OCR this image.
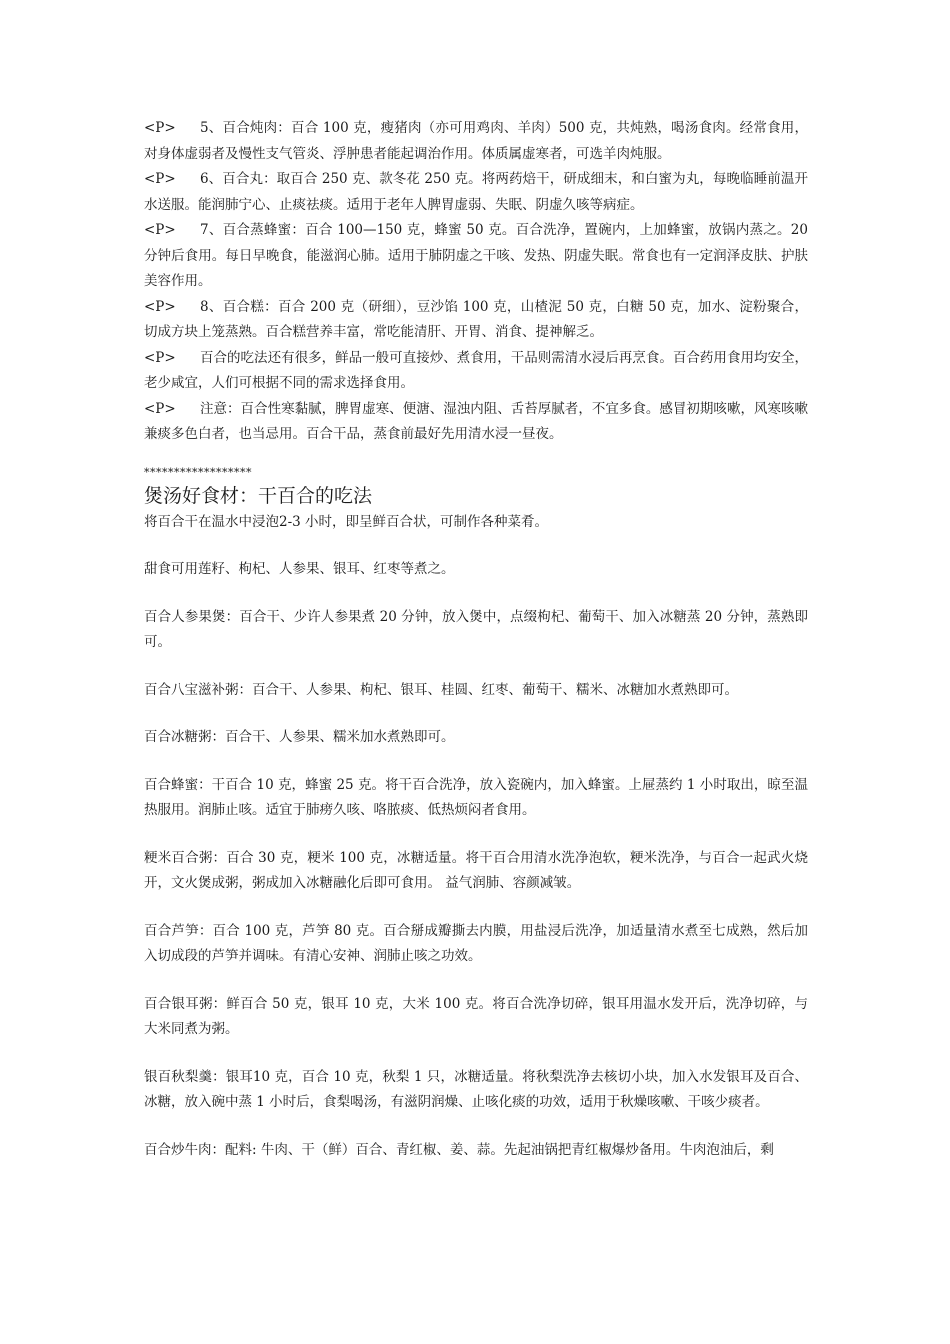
<P> 5、百合炖肉：百合 100 克，瘦猪肉（亦可用鸡肉、羊肉）500 克，共炖熟，喝汤食肉。经常食用，对身体虚弱者及慢性支气管炎、浮肿患者能起调治作用。体质属虚寒者，可选羊肉炖服。
<P> 6、百合丸：取百合 250 克、款冬花 250 克。将两药焙干，研成细末，和白蜜为丸，每晚临睡前温开水送服。能润肺宁心、止痰祛痰。适用于老年人脾胃虚弱、失眠、阴虚久咳等病症。
<P> 7、百合蒸蜂蜜：百合 100—150 克，蜂蜜 50 克。百合洗净，置碗内，上加蜂蜜，放锅内蒸之。20 分钟后食用。每日早晚食，能滋润心肺。适用于肺阴虚之干咳、发热、阴虚失眠。常食也有一定润泽皮肤、护肤美容作用。
<P> 8、百合糕：百合 200 克（研细），豆沙馅 100 克，山楂泥 50 克，白糖 50 克，加水、淀粉聚合，切成方块上笼蒸熟。百合糕营养丰富，常吃能清肝、开胃、消食、提神解乏。
<P> 百合的吃法还有很多，鲜品一般可直接炒、煮食用，干品则需清水浸后再烹食。百合药用食用均安全，老少咸宜，人们可根据不同的需求选择食用。
<P> 注意：百合性寒黏腻，脾胃虚寒、便溏、湿浊内阻、舌苔厚腻者，不宜多食。感冒初期咳嗽，风寒咳嗽兼痰多色白者，也当忌用。百合干品，蒸食前最好先用清水浸一昼夜。
******************
煲汤好食材：干百合的吃法

将百合干在温水中浸泡2-3 小时，即呈鲜百合状，可制作各种菜肴。

甜食可用莲籽、枸杞、人参果、银耳、红枣等煮之。

百合人参果煲：百合干、少许人参果煮 20 分钟，放入煲中，点缀枸杞、葡萄干、加入冰糖蒸 20 分钟，蒸熟即可。

百合八宝滋补粥：百合干、人参果、枸杞、银耳、桂圆、红枣、葡萄干、糯米、冰糖加水煮熟即可。

百合冰糖粥：百合干、人参果、糯米加水煮熟即可。

百合蜂蜜：干百合 10 克，蜂蜜 25 克。将干百合洗净，放入瓷碗内，加入蜂蜜。上屉蒸约 1 小时取出，晾至温热服用。润肺止咳。适宜于肺痨久咳、咯脓痰、低热烦闷者食用。

粳米百合粥：百合 30 克，粳米 100 克，冰糖适量。将干百合用清水洗净泡软，粳米洗净，与百合一起武火烧开，文火煲成粥，粥成加入冰糖融化后即可食用。 益气润肺、容颜减皱。

百合芦笋：百合 100 克，芦笋 80 克。百合掰成瓣撕去内膜，用盐浸后洗净，加适量清水煮至七成熟，然后加入切成段的芦笋并调味。有清心安神、润肺止咳之功效。

百合银耳粥：鲜百合 50 克，银耳 10 克，大米 100 克。将百合洗净切碎，银耳用温水发开后，洗净切碎，与大米同煮为粥。

银百秋梨羹：银耳10 克，百合 10 克，秋梨 1 只，冰糖适量。将秋梨洗净去核切小块，加入水发银耳及百合、冰糖，放入碗中蒸 1 小时后，食梨喝汤，有滋阴润燥、止咳化痰的功效，适用于秋燥咳嗽、干咳少痰者。

百合炒牛肉：配料: 牛肉、干（鲜）百合、青红椒、姜、蒜。先起油锅把青红椒爆炒备用。牛肉泡油后，剩
